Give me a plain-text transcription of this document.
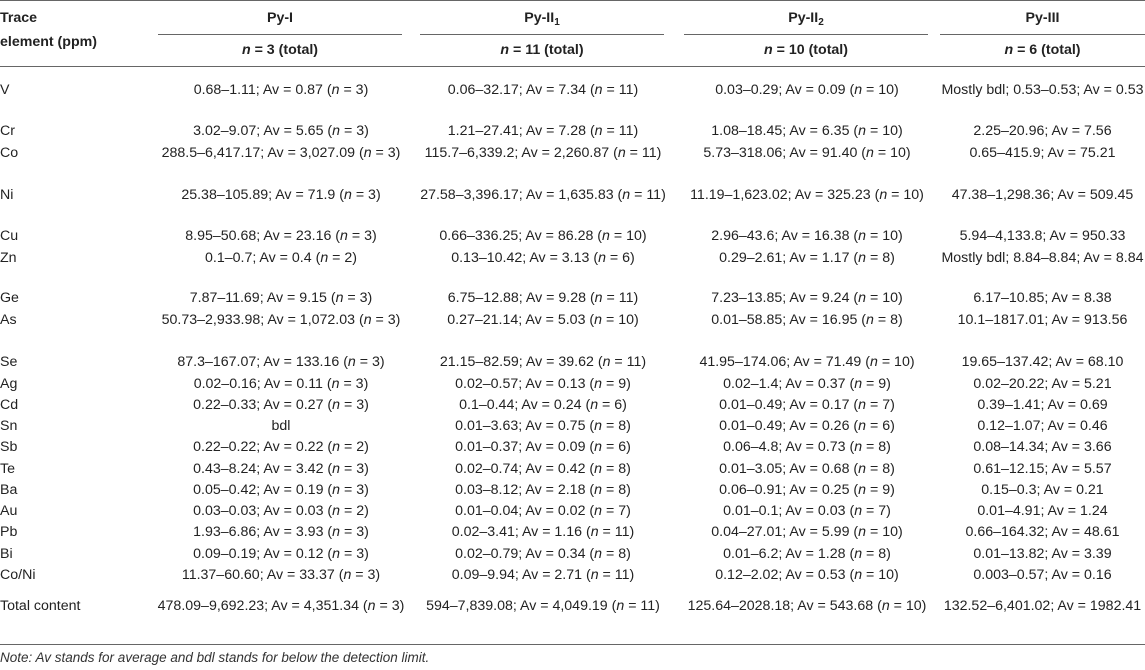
Trace
element (ppm)
Py-I	$Py-II_1$	$Py-II_2$	Py-III
n = 3 (total)	n = 11 (total)	n = 10 (total)	n = 6 (total)
V	0.68–1.11; Av = 0.87 (n = 3)	0.06–32.17; Av = 7.34 (n = 11)	0.03–0.29; Av = 0.09 (n = 10)	Mostly bdl; 0.53–0.53; Av = 0.53
Cr	3.02–9.07; Av = 5.65 (n = 3)	1.21–27.41; Av = 7.28 (n = 11)	1.08–18.45; Av = 6.35 (n = 10)	2.25–20.96; Av = 7.56
Co	288.5–6,417.17; Av = 3,027.09 (n = 3)	115.7–6,339.2; Av = 2,260.87 (n = 11)	5.73–318.06; Av = 91.40 (n = 10)	0.65–415.9; Av = 75.21
Ni	25.38–105.89; Av = 71.9 (n = 3)	27.58–3,396.17; Av = 1,635.83 (n = 11)	11.19–1,623.02; Av = 325.23 (n = 10)	47.38–1,298.36; Av = 509.45
Cu	8.95–50.68; Av = 23.16 (n = 3)	0.66–336.25; Av = 86.28 (n = 10)	2.96–43.6; Av = 16.38 (n = 10)	5.94–4,133.8; Av = 950.33
Zn	0.1–0.7; Av = 0.4 (n = 2)	0.13–10.42; Av = 3.13 (n = 6)	0.29–2.61; Av = 1.17 (n = 8)	Mostly bdl; 8.84–8.84; Av = 8.84
Ge	7.87–11.69; Av = 9.15 (n = 3)	6.75–12.88; Av = 9.28 (n = 11)	7.23–13.85; Av = 9.24 (n = 10)	6.17–10.85; Av = 8.38
As	50.73–2,933.98; Av = 1,072.03 (n = 3)	0.27–21.14; Av = 5.03 (n = 10)	0.01–58.85; Av = 16.95 (n = 8)	10.1–1817.01; Av = 913.56
Se	87.3–167.07; Av = 133.16 (n = 3)	21.15–82.59; Av = 39.62 (n = 11)	41.95–174.06; Av = 71.49 (n = 10)	19.65–137.42; Av = 68.10
Ag	0.02–0.16; Av = 0.11 (n = 3)	0.02–0.57; Av = 0.13 (n = 9)	0.02–1.4; Av = 0.37 (n = 9)	0.02–20.22; Av = 5.21
Cd	0.22–0.33; Av = 0.27 (n = 3)	0.1–0.44; Av = 0.24 (n = 6)	0.01–0.49; Av = 0.17 (n = 7)	0.39–1.41; Av = 0.69
Sn	bdl	0.01–3.63; Av = 0.75 (n = 8)	0.01–0.49; Av = 0.26 (n = 6)	0.12–1.07; Av = 0.46
Sb	0.22–0.22; Av = 0.22 (n = 2)	0.01–0.37; Av = 0.09 (n = 6)	0.06–4.8; Av = 0.73 (n = 8)	0.08–14.34; Av = 3.66
Te	0.43–8.24; Av = 3.42 (n = 3)	0.02–0.74; Av = 0.42 (n = 8)	0.01–3.05; Av = 0.68 (n = 8)	0.61–12.15; Av = 5.57
Ba	0.05–0.42; Av = 0.19 (n = 3)	0.03–8.12; Av = 2.18 (n = 8)	0.06–0.91; Av = 0.25 (n = 9)	0.15–0.3; Av = 0.21
Au	0.03–0.03; Av = 0.03 (n = 2)	0.01–0.04; Av = 0.02 (n = 7)	0.01–0.1; Av = 0.03 (n = 7)	0.01–4.91; Av = 1.24
Pb	1.93–6.86; Av = 3.93 (n = 3)	0.02–3.41; Av = 1.16 (n = 11)	0.04–27.01; Av = 5.99 (n = 10)	0.66–164.32; Av = 48.61
Bi	0.09–0.19; Av = 0.12 (n = 3)	0.02–0.79; Av = 0.34 (n = 8)	0.01–6.2; Av = 1.28 (n = 8)	0.01–13.82; Av = 3.39
Co/Ni	11.37–60.60; Av = 33.37 (n = 3)	0.09–9.94; Av = 2.71 (n = 11)	0.12–2.02; Av = 0.53 (n = 10)	0.003–0.57; Av = 0.16
Total content	478.09–9,692.23; Av = 4,351.34 (n = 3)	594–7,839.08; Av = 4,049.19 (n = 11)	125.64–2028.18; Av = 543.68 (n = 10)	132.52–6,401.02; Av = 1982.41
Note: Av stands for average and bdl stands for below the detection limit.
